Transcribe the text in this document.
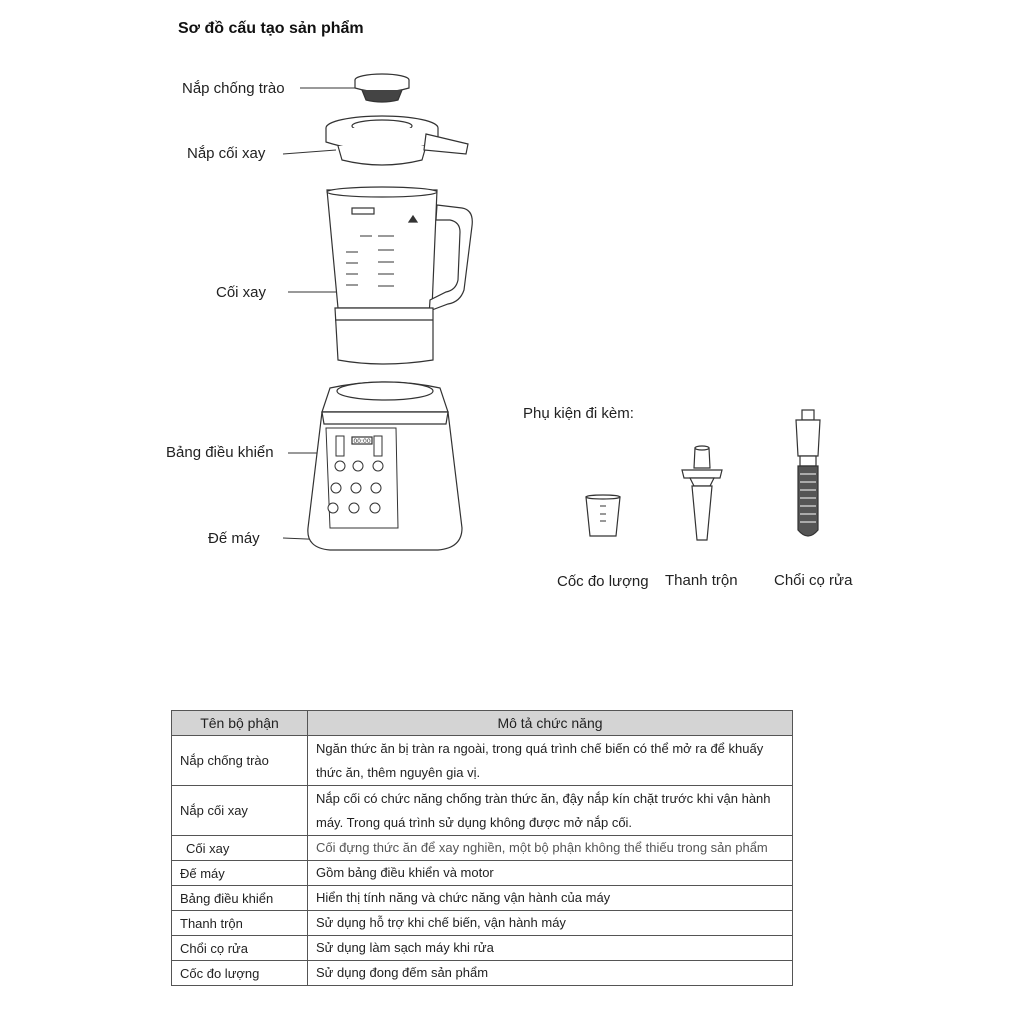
Sơ đồ cấu tạo sản phẩm
Nắp chống trào
Nắp cối xay
Cối xay
Bảng điều khiển
Đế máy
Phụ kiện đi kèm:
Cốc đo lượng Thanh trộn Chổi cọ rửa
00:00
Tên bộ phận	Mô tả chức năng
Nắp chống trào	Ngăn thức ăn bị tràn ra ngoài, trong quá trình chế biến có thể mở ra để khuấy thức ăn, thêm nguyên gia vị.
Nắp cối xay	Nắp cối có chức năng chống tràn thức ăn, đậy nắp kín chặt trước khi vận hành máy. Trong quá trình sử dụng không được mở nắp cối.
Cối xay	Cối đựng thức ăn để xay nghiền, một bộ phận không thể thiếu trong sản phẩm
Đế máy	Gồm bảng điều khiển và motor
Bảng điều khiển	Hiển thị tính năng và chức năng vận hành của máy
Thanh trộn	Sử dụng hỗ trợ khi chế biến, vận hành máy
Chổi cọ rửa	Sử dụng làm sạch máy khi rửa
Cốc đo lượng	Sử dụng đong đếm sản phẩm
